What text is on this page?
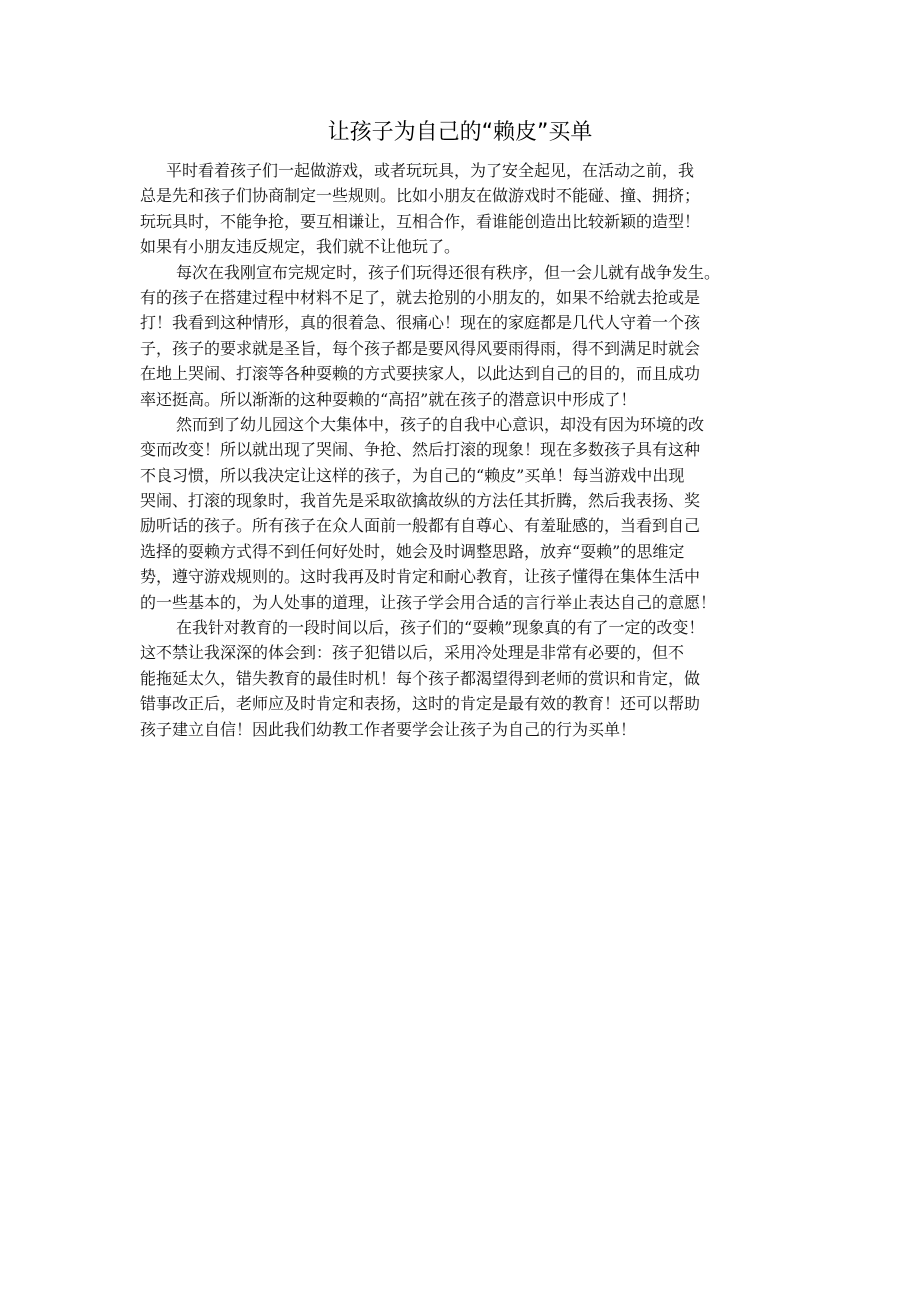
让孩子为自己的“赖皮”买单
平时看着孩子们一起做游戏，或者玩玩具，为了安全起见，在活动之前，我
总是先和孩子们协商制定一些规则。比如小朋友在做游戏时不能碰、撞、拥挤；
玩玩具时，不能争抢，要互相谦让，互相合作，看谁能创造出比较新颖的造型！
如果有小朋友违反规定，我们就不让他玩了。
每次在我刚宣布完规定时，孩子们玩得还很有秩序，但一会儿就有战争发生。
有的孩子在搭建过程中材料不足了，就去抢别的小朋友的，如果不给就去抢或是
打！我看到这种情形，真的很着急、很痛心！现在的家庭都是几代人守着一个孩
子，孩子的要求就是圣旨，每个孩子都是要风得风要雨得雨，得不到满足时就会
在地上哭闹、打滚等各种耍赖的方式要挟家人，以此达到自己的目的，而且成功
率还挺高。所以渐渐的这种耍赖的“高招”就在孩子的潜意识中形成了！
然而到了幼儿园这个大集体中，孩子的自我中心意识，却没有因为环境的改
变而改变！所以就出现了哭闹、争抢、然后打滚的现象！现在多数孩子具有这种
不良习惯，所以我决定让这样的孩子，为自己的“赖皮”买单！每当游戏中出现
哭闹、打滚的现象时，我首先是采取欲擒故纵的方法任其折腾，然后我表扬、奖
励听话的孩子。所有孩子在众人面前一般都有自尊心、有羞耻感的，当看到自己
选择的耍赖方式得不到任何好处时，她会及时调整思路，放弃“耍赖”的思维定
势，遵守游戏规则的。这时我再及时肯定和耐心教育，让孩子懂得在集体生活中
的一些基本的，为人处事的道理，让孩子学会用合适的言行举止表达自己的意愿！
在我针对教育的一段时间以后，孩子们的“耍赖”现象真的有了一定的改变！
这不禁让我深深的体会到：孩子犯错以后，采用冷处理是非常有必要的，但不
能拖延太久，错失教育的最佳时机！每个孩子都渴望得到老师的赏识和肯定，做
错事改正后，老师应及时肯定和表扬，这时的肯定是最有效的教育！还可以帮助
孩子建立自信！因此我们幼教工作者要学会让孩子为自己的行为买单！
